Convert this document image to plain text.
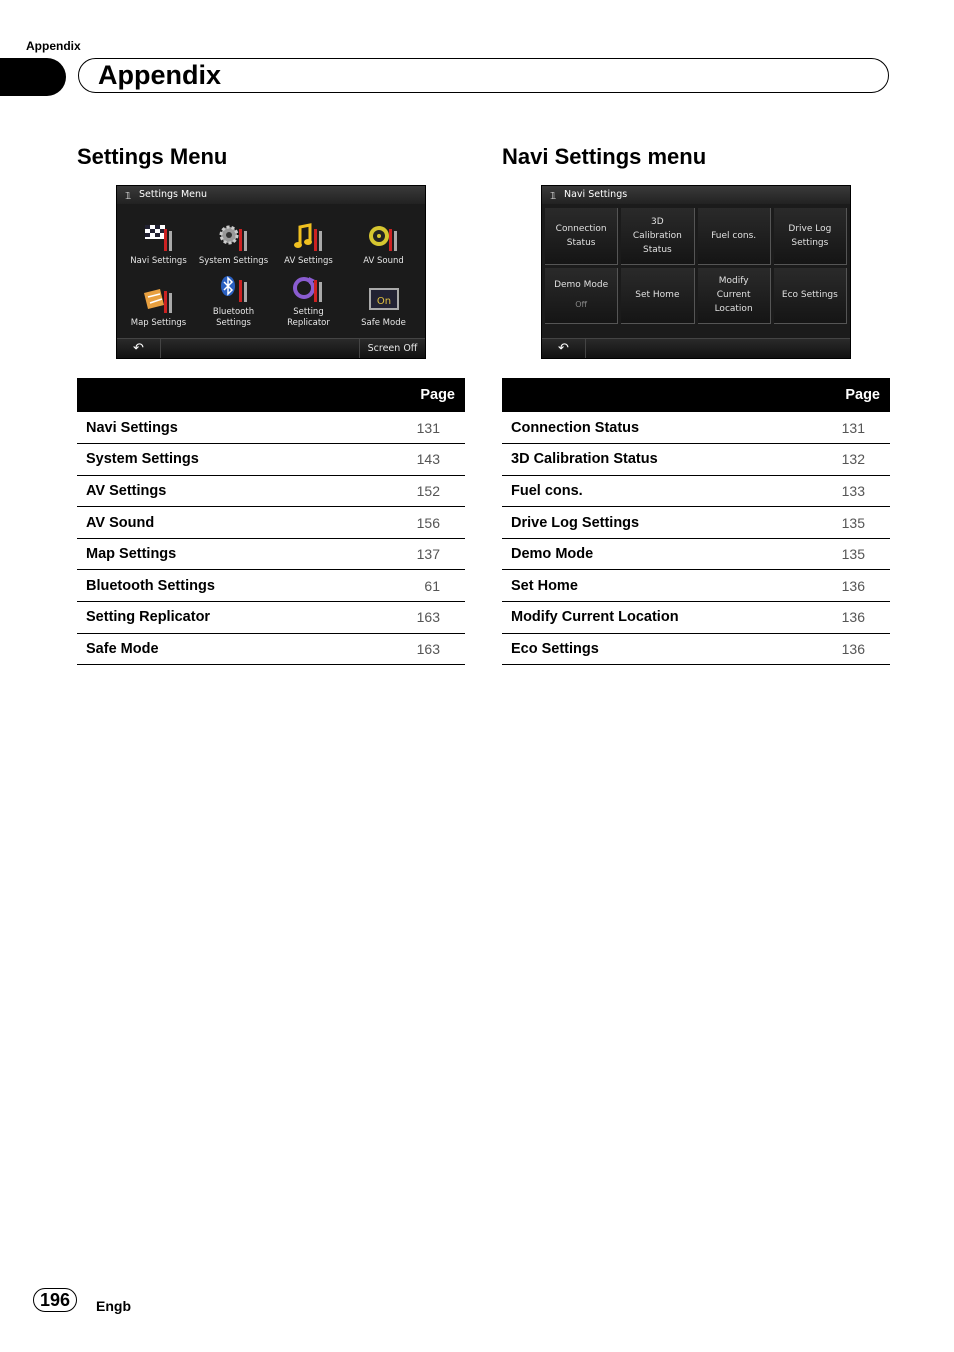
Appendix
Appendix
Settings Menu
𝟙 Settings Menu
Navi Settings System Settings AV Settings	AV Sound
Map Settings
Bluetooth Settings
Setting Replicator
On
Safe Mode
↶	Screen Off
	Page
Navi Settings	131
System Settings	143
AV Settings	152
AV Sound	156
Map Settings	137
Bluetooth Settings	61
Setting Replicator	163
Safe Mode	163
Navi Settings menu
𝟙 Navi Settings
Connection Status
3D Calibration Status
Fuel cons.
Drive Log Settings
Demo Mode
Off
Set Home
Modify Current Location
Eco Settings
↶
	Page
Connection Status	131
3D Calibration Status	132
Fuel cons.	133
Drive Log Settings	135
Demo Mode	135
Set Home	136
Modify Current Location	136
Eco Settings	136
196	Engb
